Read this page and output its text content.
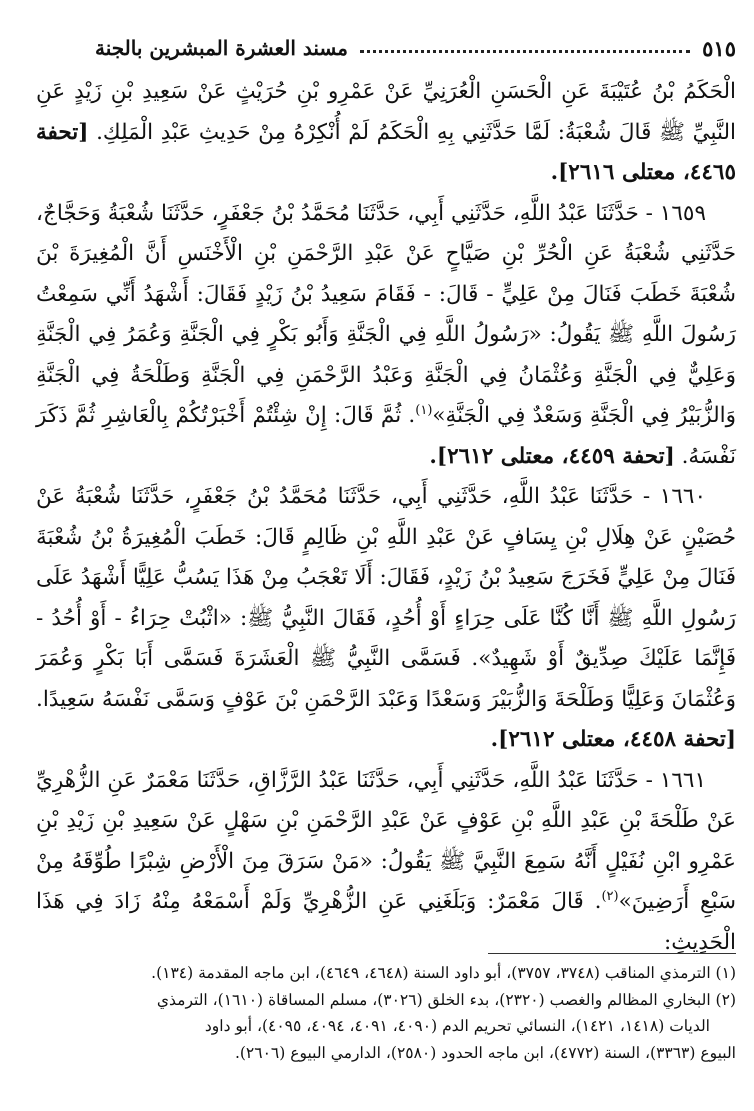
مسند العشرة المبشرين بالجنة	٥١٥

الْحَكَمُ بْنُ عُتَيْبَةَ عَنِ الْحَسَنِ الْعُرَنِيِّ عَنْ عَمْرِو بْنِ حُرَيْثٍ عَنْ سَعِيدِ بْنِ زَيْدٍ عَنِ النَّبِيِّ ﷺ قَالَ شُعْبَةُ: لَمَّا حَدَّثَنِي بِهِ الْحَكَمُ لَمْ أُنْكِرْهُ مِنْ حَدِيثِ عَبْدِ الْمَلِكِ. [تحفة ٤٤٦٥، معتلى ٢٦١٦].

١٦٥٩ - حَدَّثَنَا عَبْدُ اللَّهِ، حَدَّثَنِي أَبِي، حَدَّثَنَا مُحَمَّدُ بْنُ جَعْفَرٍ، حَدَّثَنَا شُعْبَةُ وَحَجَّاجٌ، حَدَّثَنِي شُعْبَةُ عَنِ الْحُرِّ بْنِ صَيَّاحٍ عَنْ عَبْدِ الرَّحْمَنِ بْنِ الْأَخْنَسِ أَنَّ الْمُغِيرَةَ بْنَ شُعْبَةَ خَطَبَ فَنَالَ مِنْ عَلِيٍّ - قَالَ: - فَقَامَ سَعِيدُ بْنُ زَيْدٍ فَقَالَ: أَشْهَدُ أَنِّي سَمِعْتُ رَسُولَ اللَّهِ ﷺ يَقُولُ: «رَسُولُ اللَّهِ فِي الْجَنَّةِ وَأَبُو بَكْرٍ فِي الْجَنَّةِ وَعُمَرُ فِي الْجَنَّةِ وَعَلِيٌّ فِي الْجَنَّةِ وَعُثْمَانُ فِي الْجَنَّةِ وَعَبْدُ الرَّحْمَنِ فِي الْجَنَّةِ وَطَلْحَةُ فِي الْجَنَّةِ وَالزُّبَيْرُ فِي الْجَنَّةِ وَسَعْدٌ فِي الْجَنَّةِ»$^{(١)}$. ثُمَّ قَالَ: إِنْ شِئْتُمْ أَخْبَرْتُكُمْ بِالْعَاشِرِ ثُمَّ ذَكَرَ نَفْسَهُ. [تحفة ٤٤٥٩، معتلى ٢٦١٢].

١٦٦٠ - حَدَّثَنَا عَبْدُ اللَّهِ، حَدَّثَنِي أَبِي، حَدَّثَنَا مُحَمَّدُ بْنُ جَعْفَرٍ، حَدَّثَنَا شُعْبَةُ عَنْ حُصَيْنٍ عَنْ هِلَالِ بْنِ يِسَافٍ عَنْ عَبْدِ اللَّهِ بْنِ ظَالِمٍ قَالَ: خَطَبَ الْمُغِيرَةُ بْنُ شُعْبَةَ فَنَالَ مِنْ عَلِيٍّ فَخَرَجَ سَعِيدُ بْنُ زَيْدٍ، فَقَالَ: أَلَا تَعْجَبُ مِنْ هَذَا يَسُبُّ عَلِيًّا أَشْهَدُ عَلَى رَسُولِ اللَّهِ ﷺ أَنَّا كُنَّا عَلَى حِرَاءٍ أَوْ أُحُدٍ، فَقَالَ النَّبِيُّ ﷺ: «اثْبُتْ حِرَاءُ - أَوْ أُحُدُ - فَإِنَّمَا عَلَيْكَ صِدِّيقٌ أَوْ شَهِيدٌ». فَسَمَّى النَّبِيُّ ﷺ الْعَشَرَةَ فَسَمَّى أَبَا بَكْرٍ وَعُمَرَ وَعُثْمَانَ وَعَلِيًّا وَطَلْحَةَ وَالزُّبَيْرَ وَسَعْدًا وَعَبْدَ الرَّحْمَنِ بْنَ عَوْفٍ وَسَمَّى نَفْسَهُ سَعِيدًا. [تحفة ٤٤٥٨، معتلى ٢٦١٢].

١٦٦١ - حَدَّثَنَا عَبْدُ اللَّهِ، حَدَّثَنِي أَبِي، حَدَّثَنَا عَبْدُ الرَّزَّاقِ، حَدَّثَنَا مَعْمَرٌ عَنِ الزُّهْرِيِّ عَنْ طَلْحَةَ بْنِ عَبْدِ اللَّهِ بْنِ عَوْفٍ عَنْ عَبْدِ الرَّحْمَنِ بْنِ سَهْلٍ عَنْ سَعِيدِ بْنِ زَيْدِ بْنِ عَمْرِو ابْنِ نُفَيْلٍ أَنَّهُ سَمِعَ النَّبِيَّ ﷺ يَقُولُ: «مَنْ سَرَقَ مِنَ الْأَرْضِ شِبْرًا طُوِّقَهُ مِنْ سَبْعِ أَرَضِينَ»$^{(٢)}$. قَالَ مَعْمَرٌ: وَبَلَغَنِي عَنِ الزُّهْرِيِّ وَلَمْ أَسْمَعْهُ مِنْهُ زَادَ فِي هَذَا الْحَدِيثِ:

(١) الترمذي المناقب (٣٧٤٨، ٣٧٥٧)، أبو داود السنة (٤٦٤٨، ٤٦٤٩)، ابن ماجه المقدمة (١٣٤).

(٢) البخاري المظالم والغصب (٢٣٢٠)، بدء الخلق (٣٠٢٦)، مسلم المساقاة (١٦١٠)، الترمذي

الديات (١٤١٨، ١٤٢١)، النسائي تحريم الدم (٤٠٩٠، ٤٠٩١، ٤٠٩٤، ٤٠٩٥)، أبو داود

البيوع (٣٣٦٣)، السنة (٤٧٧٢)، ابن ماجه الحدود (٢٥٨٠)، الدارمي البيوع (٢٦٠٦).
